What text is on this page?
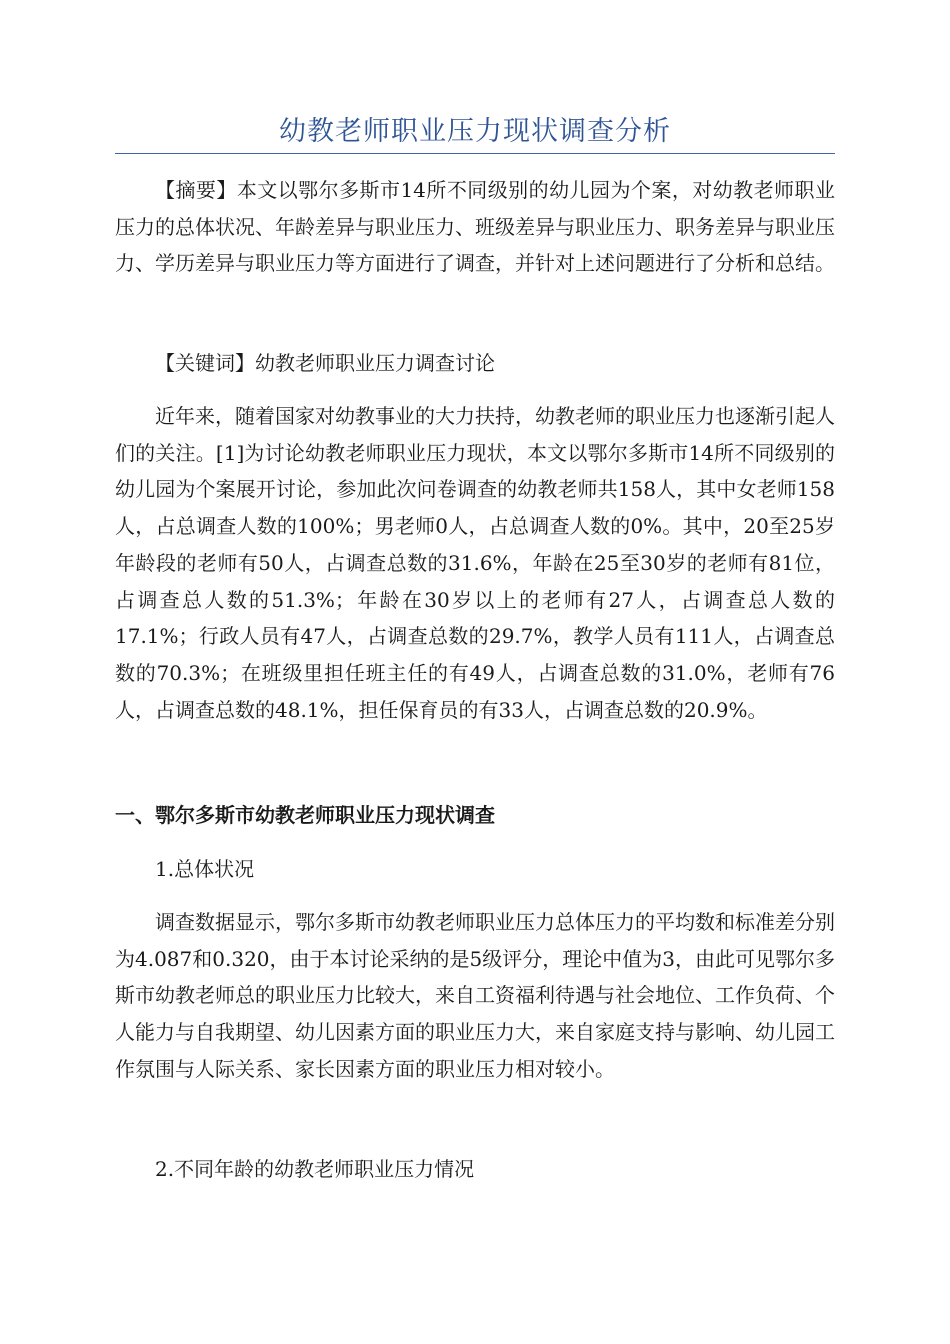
幼教老师职业压力现状调查分析

【摘要】本文以鄂尔多斯市14所不同级别的幼儿园为个案，对幼教老师职业压力的总体状况、年龄差异与职业压力、班级差异与职业压力、职务差异与职业压力、学历差异与职业压力等方面进行了调查，并针对上述问题进行了分析和总结。

【关键词】幼教老师职业压力调查讨论

近年来，随着国家对幼教事业的大力扶持，幼教老师的职业压力也逐渐引起人们的关注。[1]为讨论幼教老师职业压力现状，本文以鄂尔多斯市14所不同级别的幼儿园为个案展开讨论，参加此次问卷调查的幼教老师共158人，其中女老师158人，占总调查人数的100%；男老师0人，占总调查人数的0%。其中，20至25岁年龄段的老师有50人，占调查总数的31.6%，年龄在25至30岁的老师有81位，占调查总人数的51.3%；年龄在30岁以上的老师有27人，占调查总人数的17.1%；行政人员有47人，占调查总数的29.7%，教学人员有111人，占调查总数的70.3%；在班级里担任班主任的有49人，占调查总数的31.0%，老师有76人，占调查总数的48.1%，担任保育员的有33人，占调查总数的20.9%。

一、鄂尔多斯市幼教老师职业压力现状调查

1.总体状况

调查数据显示，鄂尔多斯市幼教老师职业压力总体压力的平均数和标准差分别为4.087和0.320，由于本讨论采纳的是5级评分，理论中值为3，由此可见鄂尔多斯市幼教老师总的职业压力比较大，来自工资福利待遇与社会地位、工作负荷、个人能力与自我期望、幼儿因素方面的职业压力大，来自家庭支持与影响、幼儿园工作氛围与人际关系、家长因素方面的职业压力相对较小。

2.不同年龄的幼教老师职业压力情况
